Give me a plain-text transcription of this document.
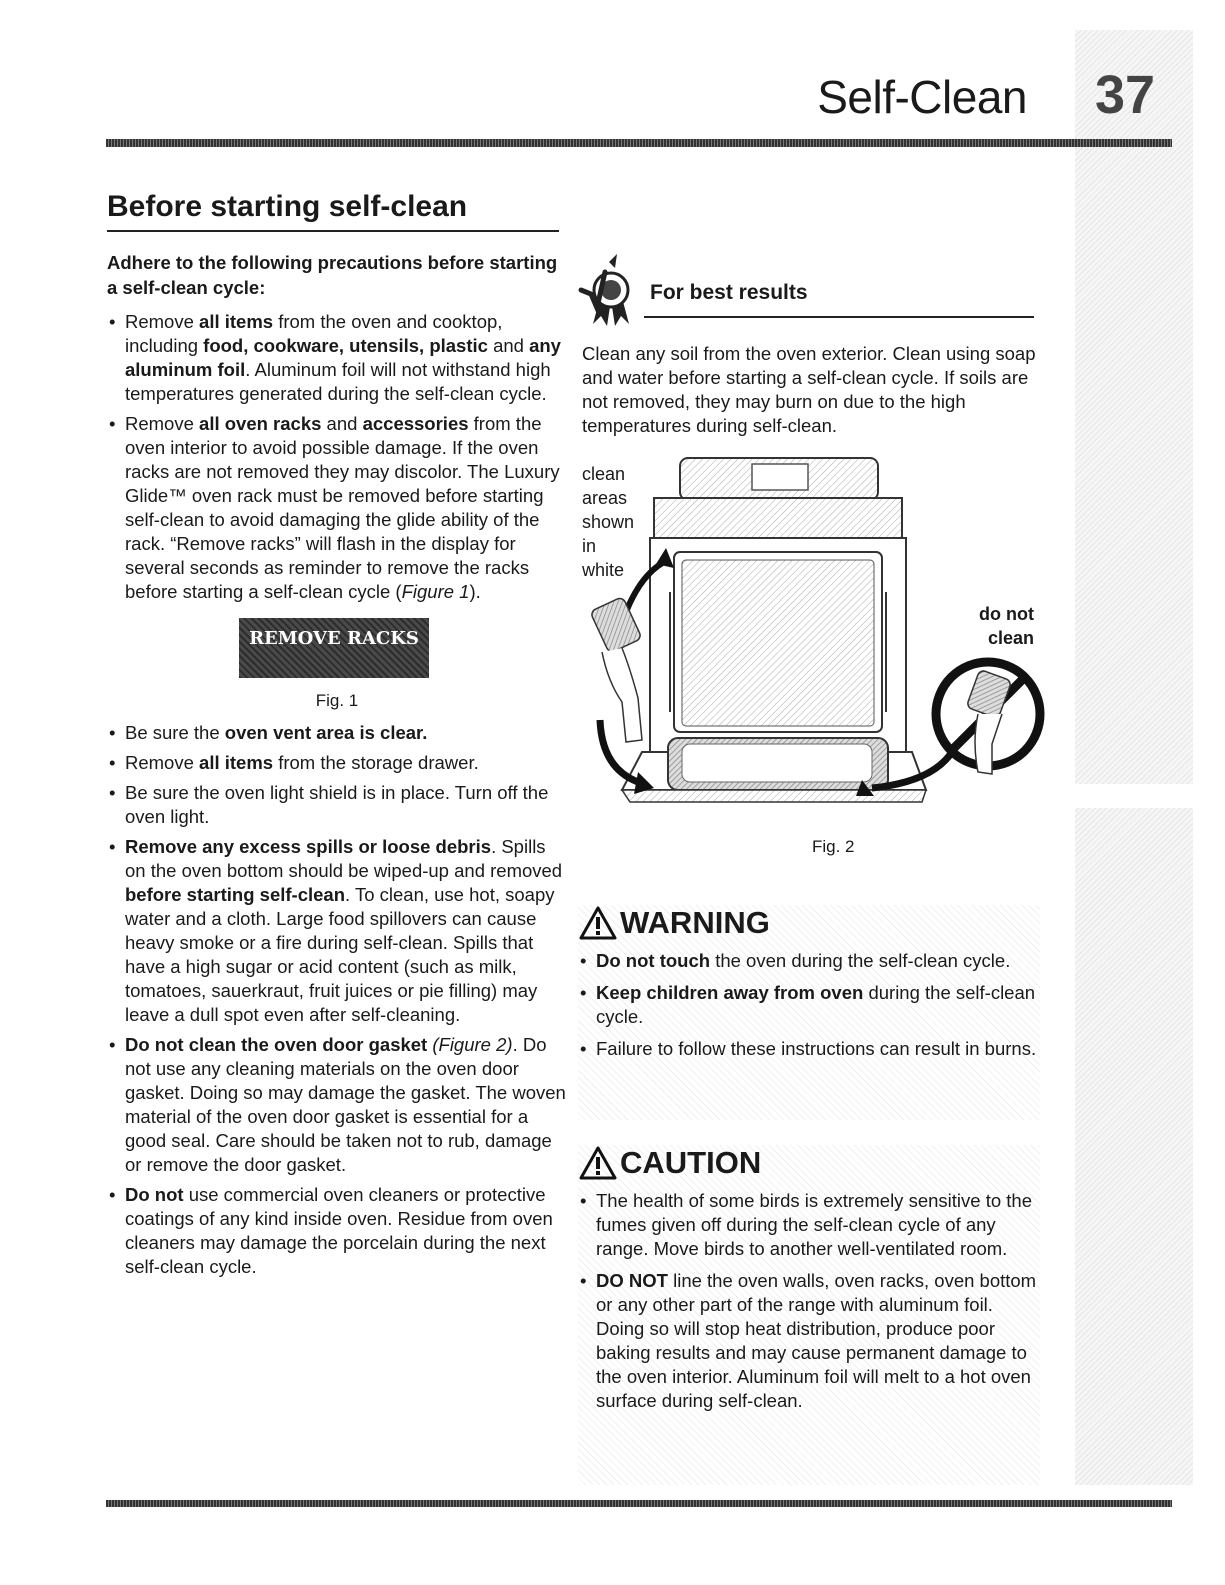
Self-Clean 37
Before starting self-clean
Adhere to the following precautions before starting a self-clean cycle:
• Remove all items from the oven and cooktop, including food, cookware, utensils, plastic and any aluminum foil. Aluminum foil will not withstand high temperatures generated during the self-clean cycle.
• Remove all oven racks and accessories from the oven interior to avoid possible damage. If the oven racks are not removed they may discolor. The Luxury Glide™ oven rack must be removed before starting self-clean to avoid damaging the glide ability of the rack. “Remove racks” will flash in the display for several seconds as reminder to remove the racks before starting a self-clean cycle (Figure 1).
REMOVE RACKS
Fig. 1
• Be sure the oven vent area is clear.
• Remove all items from the storage drawer.
• Be sure the oven light shield is in place. Turn off the oven light.
• Remove any excess spills or loose debris. Spills on the oven bottom should be wiped-up and removed before starting self-clean. To clean, use hot, soapy water and a cloth. Large food spillovers can cause heavy smoke or a fire during self-clean. Spills that have a high sugar or acid content (such as milk, tomatoes, sauerkraut, fruit juices or pie filling) may leave a dull spot even after self-cleaning.
• Do not clean the oven door gasket (Figure 2). Do not use any cleaning materials on the oven door gasket. Doing so may damage the gasket. The woven material of the oven door gasket is essential for a good seal. Care should be taken not to rub, damage or remove the door gasket.
• Do not use commercial oven cleaners or protective coatings of any kind inside oven. Residue from oven cleaners may damage the porcelain during the next self-clean cycle.
For best results

Clean any soil from the oven exterior. Clean using soap and water before starting a self-clean cycle. If soils are not removed, they may burn on due to the high temperatures during self-clean.

clean
areas
shown
in
white
do not
clean
Fig. 2
WARNING
• Do not touch the oven during the self-clean cycle.
• Keep children away from oven during the self-clean cycle.
• Failure to follow these instructions can result in burns.
CAUTION
• The health of some birds is extremely sensitive to the fumes given off during the self-clean cycle of any range. Move birds to another well-ventilated room.
• DO NOT line the oven walls, oven racks, oven bottom or any other part of the range with aluminum foil. Doing so will stop heat distribution, produce poor baking results and may cause permanent damage to the oven interior. Aluminum foil will melt to a hot oven surface during self-clean.
